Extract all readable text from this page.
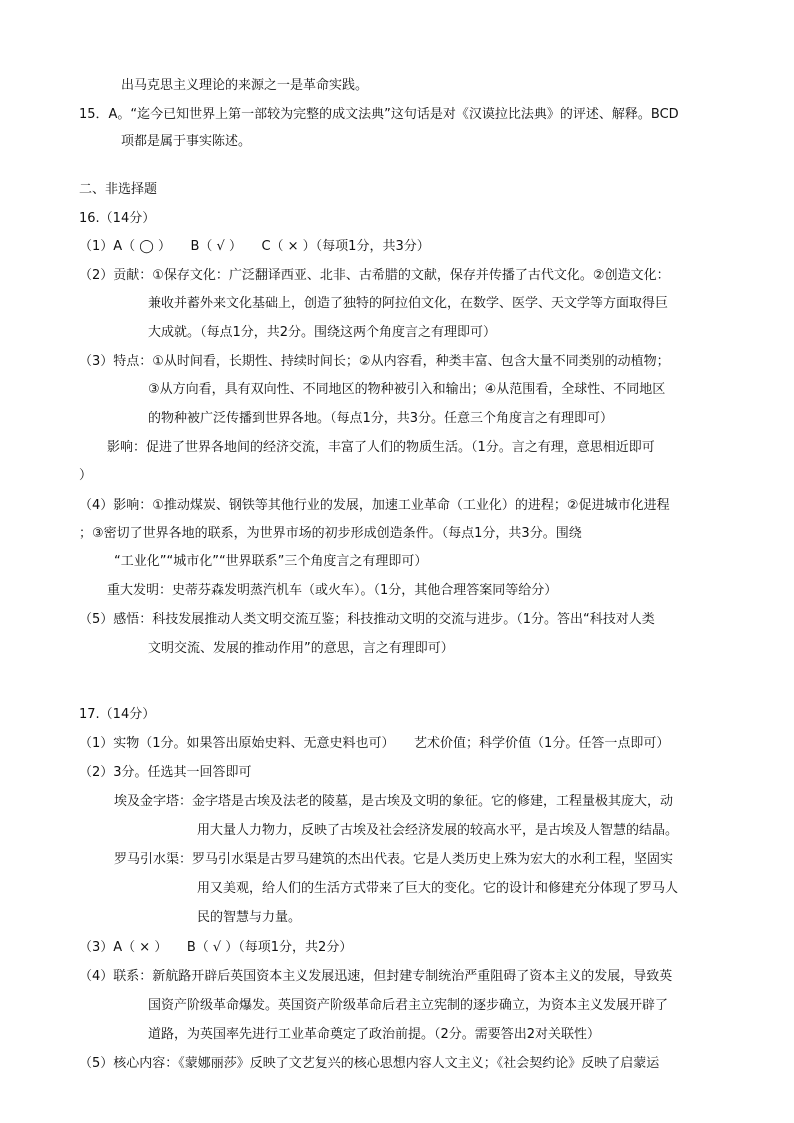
出马克思主义理论的来源之一是革命实践。
15．A。“迄今已知世界上第一部较为完整的成文法典”这句话是对《汉谟拉比法典》的评述、解释。BCD
项都是属于事实陈述。
二、非选择题
16.（14分）
（1）A（ ◯ ）　　B（ √ ）　　C（ × ）（每项1分，共3分）
（2）贡献：①保存文化：广泛翻译西亚、北非、古希腊的文献，保存并传播了古代文化。②创造文化：
兼收并蓄外来文化基础上，创造了独特的阿拉伯文化，在数学、医学、天文学等方面取得巨
大成就。（每点1分，共2分。围绕这两个角度言之有理即可）
（3）特点：①从时间看，长期性、持续时间长；②从内容看，种类丰富、包含大量不同类别的动植物；
③从方向看，具有双向性、不同地区的物种被引入和输出；④从范围看，全球性、不同地区
的物种被广泛传播到世界各地。（每点1分，共3分。任意三个角度言之有理即可）
影响：促进了世界各地间的经济交流，丰富了人们的物质生活。（1分。言之有理，意思相近即可
）
（4）影响：①推动煤炭、钢铁等其他行业的发展，加速工业革命（工业化）的进程；②促进城市化进程
；③密切了世界各地的联系，为世界市场的初步形成创造条件。（每点1分，共3分。围绕
“工业化”“城市化”“世界联系”三个角度言之有理即可）
重大发明：史蒂芬森发明蒸汽机车（或火车）。（1分，其他合理答案同等给分）
（5）感悟：科技发展推动人类文明交流互鉴；科技推动文明的交流与进步。（1分。答出“科技对人类
文明交流、发展的推动作用”的意思，言之有理即可）
17.（14分）
（1）实物（1分。如果答出原始史料、无意史料也可）　　艺术价值；科学价值（1分。任答一点即可）
（2）3分。任选其一回答即可
埃及金字塔：金字塔是古埃及法老的陵墓，是古埃及文明的象征。它的修建，工程量极其庞大，动
用大量人力物力，反映了古埃及社会经济发展的较高水平，是古埃及人智慧的结晶。
罗马引水渠：罗马引水渠是古罗马建筑的杰出代表。它是人类历史上殊为宏大的水利工程，坚固实
用又美观，给人们的生活方式带来了巨大的变化。它的设计和修建充分体现了罗马人
民的智慧与力量。
（3）A（ × ）　　B（ √ ）（每项1分，共2分）
（4）联系：新航路开辟后英国资本主义发展迅速，但封建专制统治严重阻碍了资本主义的发展，导致英
国资产阶级革命爆发。英国资产阶级革命后君主立宪制的逐步确立，为资本主义发展开辟了
道路，为英国率先进行工业革命奠定了政治前提。（2分。需要答出2对关联性）
（5）核心内容：《蒙娜丽莎》反映了文艺复兴的核心思想内容人文主义；《社会契约论》反映了启蒙运
